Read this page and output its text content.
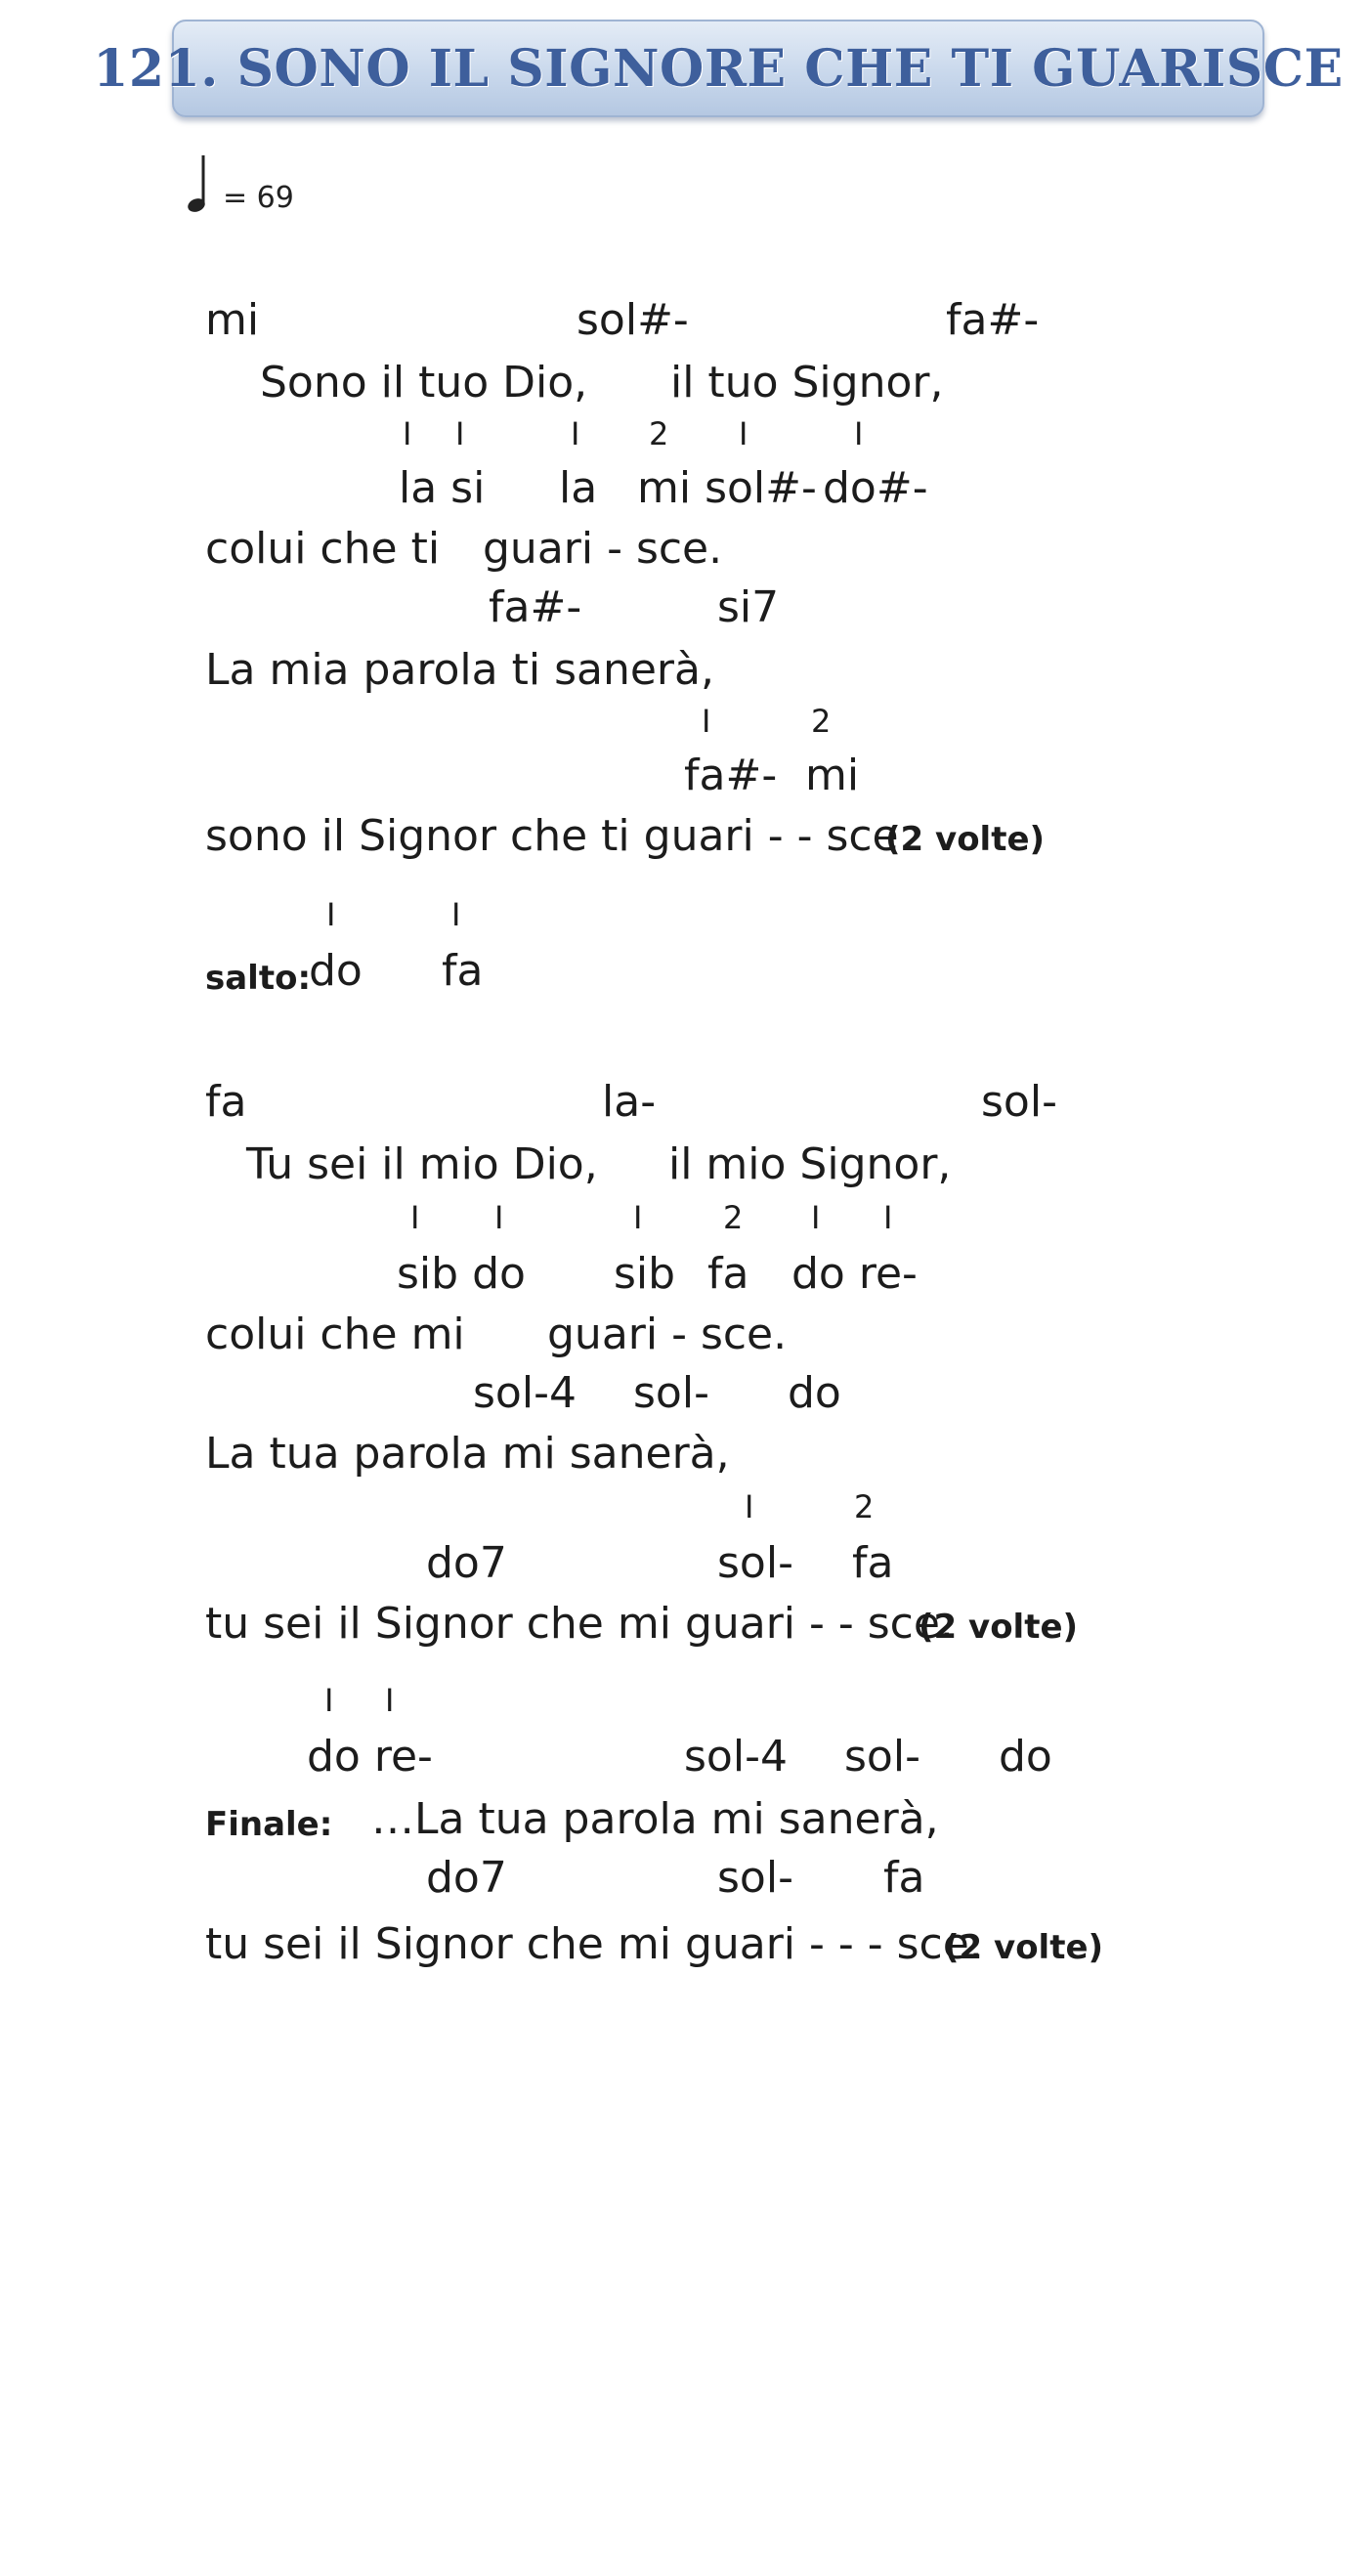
121. SONO IL SIGNORE CHE TI GUARISCE
= 69
mi	sol#-	fa#-
Sono il tuo Dio, il tuo Signor,
I I	I 2 I	I
la si la mi sol#- do#-
colui che ti guari - sce.
fa#-	si7
La mia parola ti sanerà,
I	2
fa#- mi
sono il Signor che ti guari - - sce.
(2 volte)
I	I
salto:
do fa
fa	la-	sol-
Tu sei il mio Dio, il mio Signor,
I I	I	2 I I
sib do sib fa do re-
colui che mi guari - sce.
sol-4 sol- do
La tua parola mi sanerà,
I	2
do7	sol- fa
tu sei il Signor che mi guari - - sce.
(2 volte)
I I
do re-	sol-4 sol- do
Finale: …La tua parola mi sanerà,
do7	sol- fa
tu sei il Signor che mi guari - - - sce.
(2 volte)
